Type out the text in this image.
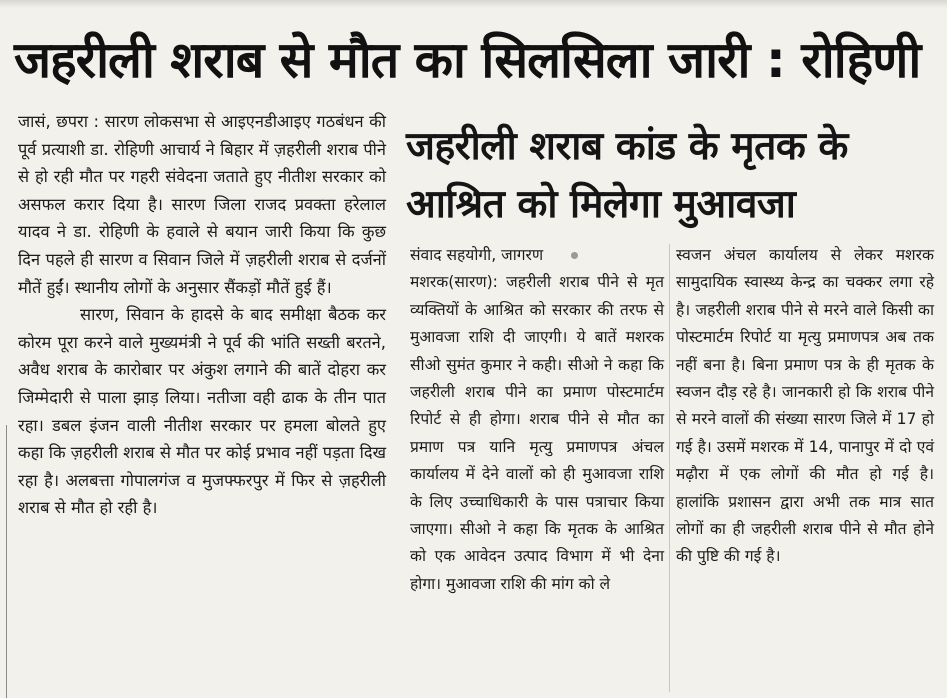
जहरीली शराब से मौत का सिलसिला जारी : रोहिणी

जासं, छपरा : सारण लोकसभा से आइएनडीआइए गठबंधन की पूर्व प्रत्याशी डा. रोहिणी आचार्य ने बिहार में ज़हरीली शराब पीने से हो रही मौत पर गहरी संवेदना जताते हुए नीतीश सरकार को असफल करार दिया है। सारण जिला राजद प्रवक्ता हरेलाल यादव ने डा. रोहिणी के हवाले से बयान जारी किया कि कुछ दिन पहले ही सारण व सिवान जिले में ज़हरीली शराब से दर्जनों मौतें हुईं। स्थानीय लोगों के अनुसार सैंकड़ों मौतें हुई हैं।

सारण, सिवान के हादसे के बाद समीक्षा बैठक कर कोरम पूरा करने वाले मुख्यमंत्री ने पूर्व की भांति सख्ती बरतने, अवैध शराब के कारोबार पर अंकुश लगाने की बातें दोहरा कर जिम्मेदारी से पाला झाड़ लिया। नतीजा वही ढाक के तीन पात रहा। डबल इंजन वाली नीतीश सरकार पर हमला बोलते हुए कहा कि ज़हरीली शराब से मौत पर कोई प्रभाव नहीं पड़ता दिख रहा है। अलबत्ता गोपालगंज व मुजफ्फरपुर में फिर से ज़हरीली शराब से मौत हो रही है।

जहरीली शराब कांड के मृतक के आश्रित को मिलेगा मुआवजा

संवाद सहयोगी, जागरण

मशरक(सारण): जहरीली शराब पीने से मृत व्यक्तियों के आश्रित को सरकार की तरफ से मुआवजा राशि दी जाएगी। ये बातें मशरक सीओ सुमंत कुमार ने कही। सीओ ने कहा कि जहरीली शराब पीने का प्रमाण पोस्टमार्टम रिपोर्ट से ही होगा। शराब पीने से मौत का प्रमाण पत्र यानि मृत्यु प्रमाणपत्र अंचल कार्यालय में देने वालों को ही मुआवजा राशि के लिए उच्चाधिकारी के पास पत्राचार किया जाएगा। सीओ ने कहा कि मृतक के आश्रित को एक आवेदन उत्पाद विभाग में भी देना होगा। मुआवजा राशि की मांग को ले

स्वजन अंचल कार्यालय से लेकर मशरक सामुदायिक स्वास्थ्य केन्द्र का चक्कर लगा रहे है। जहरीली शराब पीने से मरने वाले किसी का पोस्टमार्टम रिपोर्ट या मृत्यु प्रमाणपत्र अब तक नहीं बना है। बिना प्रमाण पत्र के ही मृतक के स्वजन दौड़ रहे है। जानकारी हो कि शराब पीने से मरने वालों की संख्या सारण जिले में 17 हो गई है। उसमें मशरक में 14, पानापुर में दो एवं मढ़ौरा में एक लोगों की मौत हो गई है। हालांकि प्रशासन द्वारा अभी तक मात्र सात लोगों का ही जहरीली शराब पीने से मौत होने की पुष्टि की गई है।
